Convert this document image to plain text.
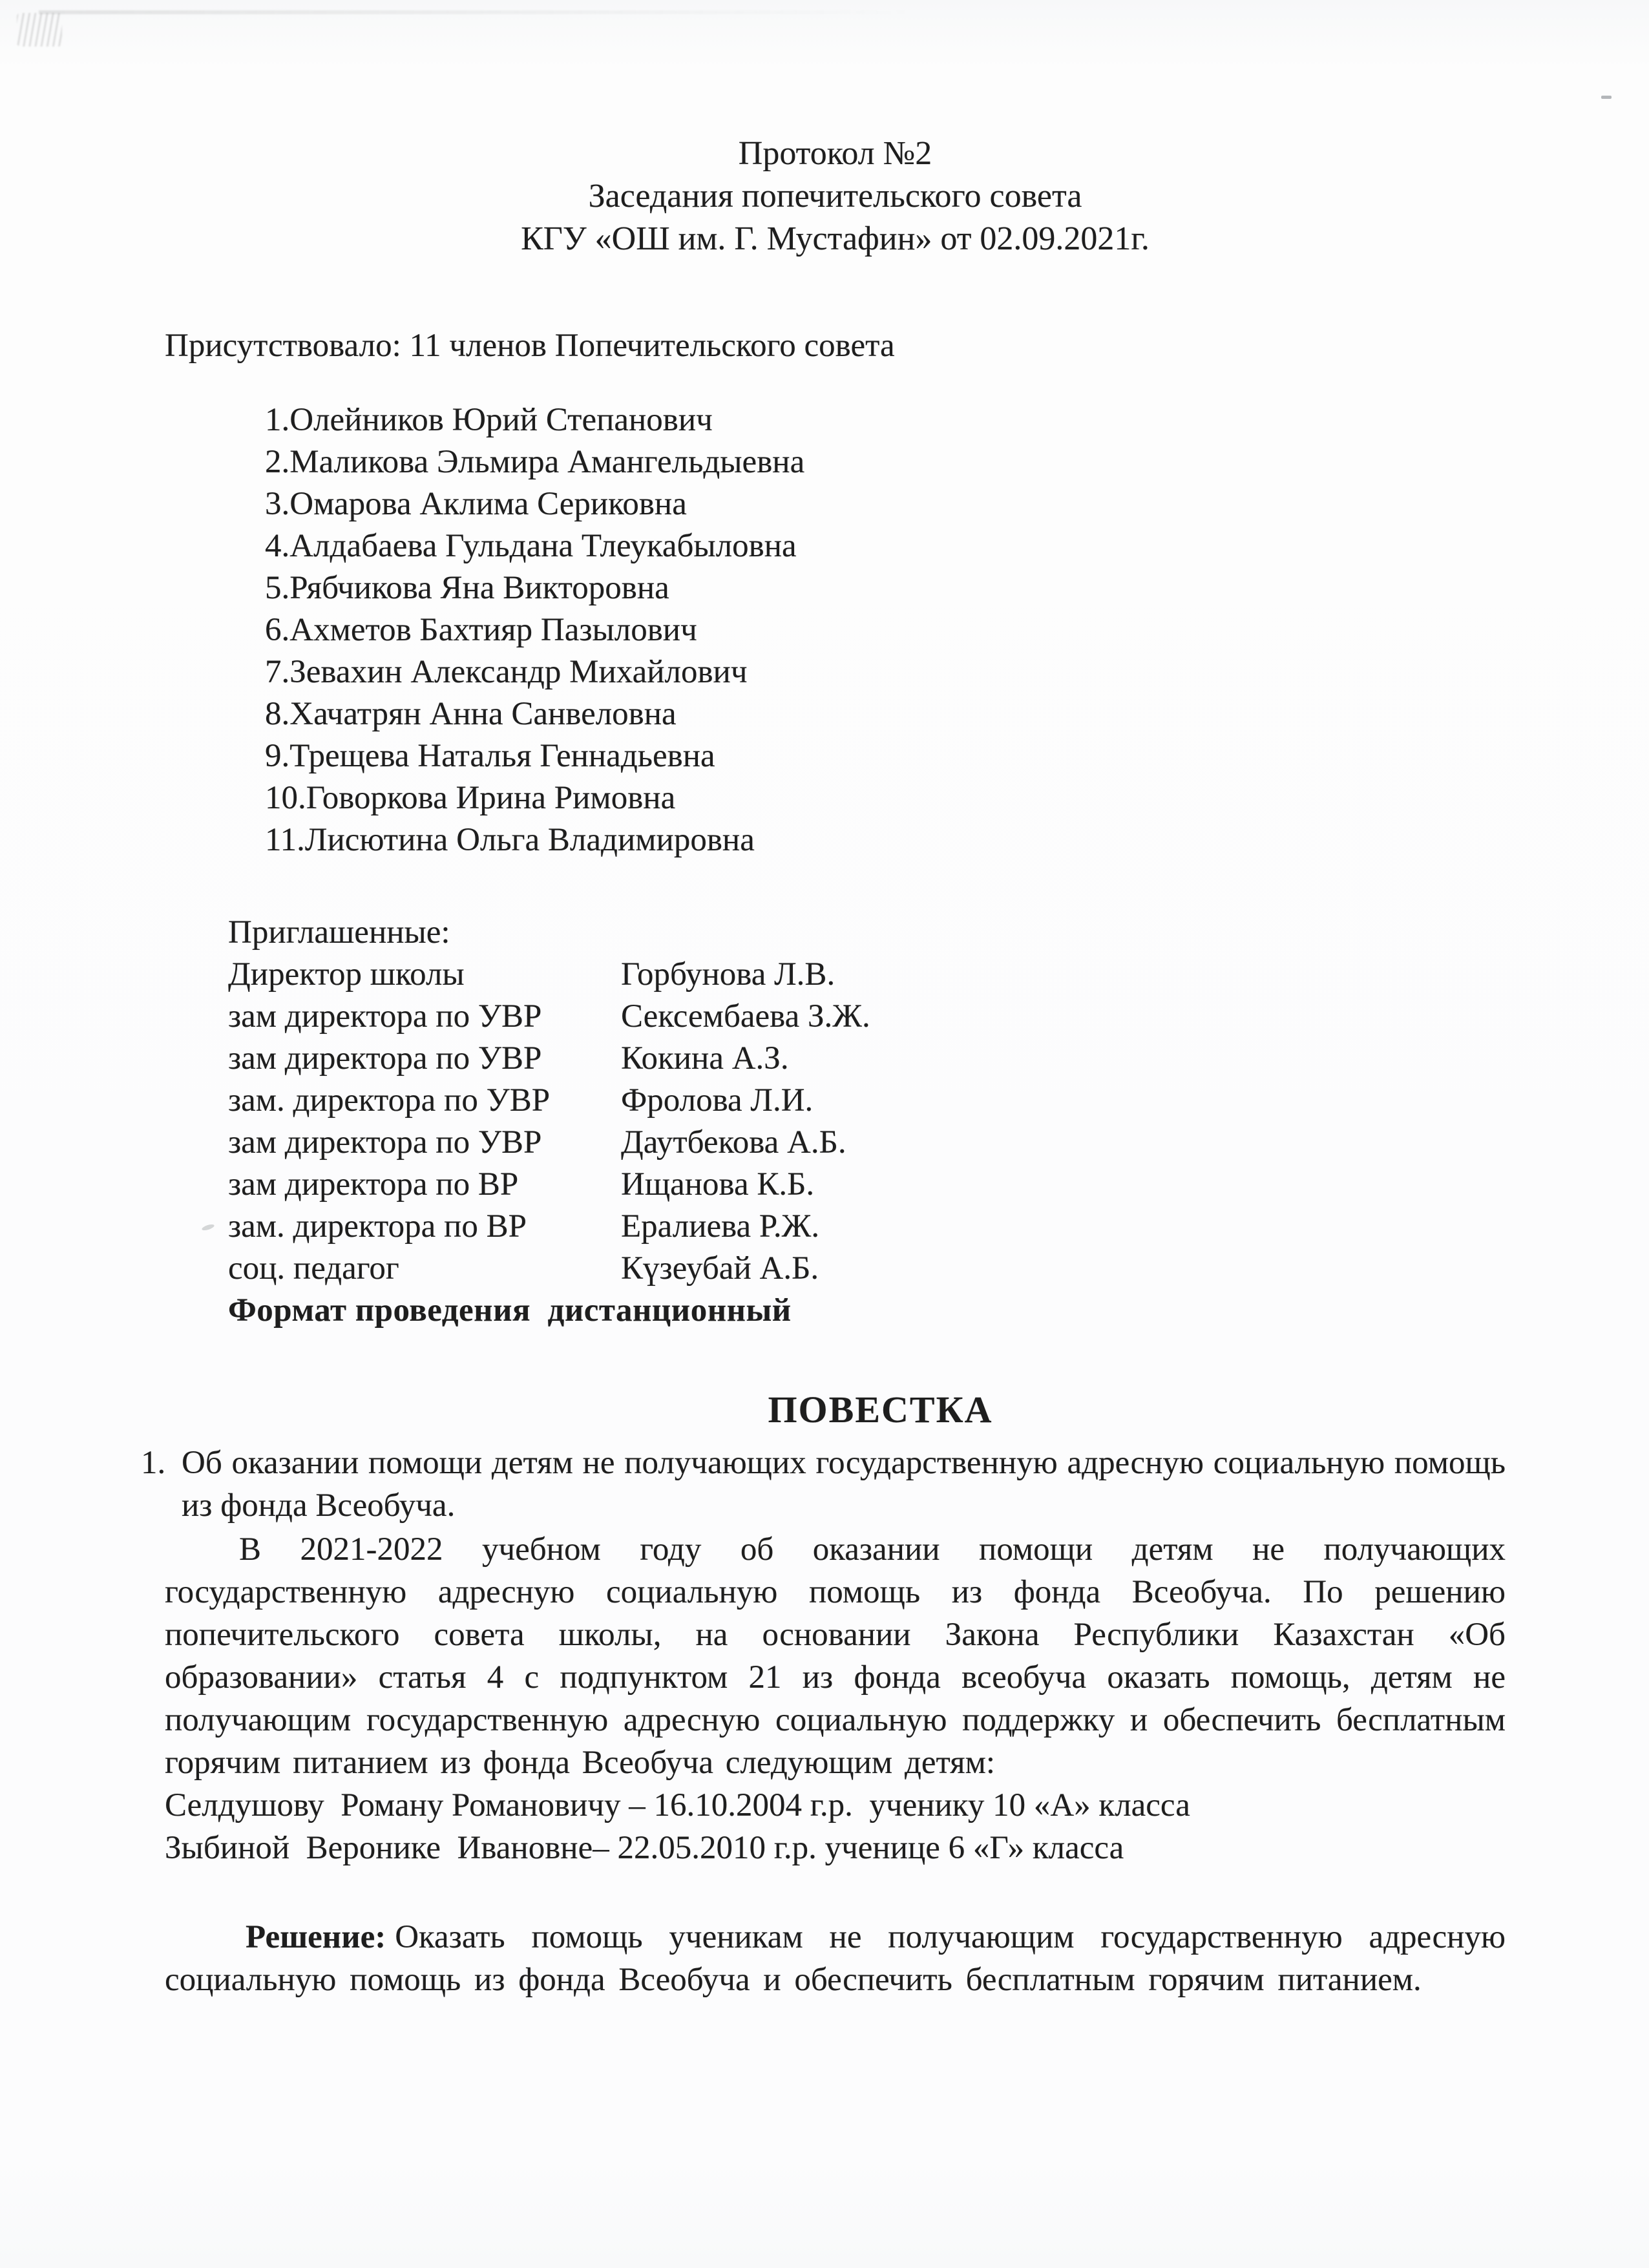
Протокол №2
Заседания попечительского совета
КГУ «ОШ им. Г. Мустафин» от 02.09.2021г.
Присутствовало: 11 членов Попечительского совета
1.Олейников Юрий Степанович
2.Маликова Эльмира Амангельдыевна
3.Омарова Аклима Сериковна
4.Алдабаева Гульдана Тлеукабыловна
5.Рябчикова Яна Викторовна
6.Ахметов Бахтияр Пазылович
7.Зевахин Александр Михайлович
8.Хачатрян Анна Санвеловна
9.Трещева Наталья Геннадьевна
10.Говоркова Ирина Римовна
11.Лисютина Ольга Владимировна
Приглашенные:
Директор школы	Горбунова Л.В.
зам директора по УВР Сексембаева З.Ж.
зам директора по УВР Кокина А.З.
зам. директора по УВР Фролова Л.И.
зам директора по УВР Даутбекова А.Б.
зам директора по ВР	Ищанова К.Б.
зам. директора по ВР	Ералиева Р.Ж.
соц. педагог	Күзеубай А.Б.
Формат проведения  дистанционный
ПОВЕСТКА
1. Об оказании помощи детям не получающих государственную адресную социальную помощь из фонда Всеобуча.
В 2021-2022 учебном году об оказании помощи детям не получающих государственную адресную социальную помощь из фонда Всеобуча. По решению попечительского совета школы, на основании Закона Республики Казахстан «Об образовании» статья 4 с подпунктом 21 из фонда всеобуча оказать помощь, детям не получающим государственную адресную социальную поддержку и обеспечить бесплатным горячим питанием из фонда Всеобуча следующим детям:
Селдушову  Роману Романовичу – 16.10.2004 г.р.  ученику 10 «А» класса
Зыбиной  Веронике  Ивановне– 22.05.2010 г.р. ученице 6 «Г» класса
Решение: Оказать помощь ученикам не получающим государственную адресную социальную помощь из фонда Всеобуча и обеспечить бесплатным горячим питанием.
